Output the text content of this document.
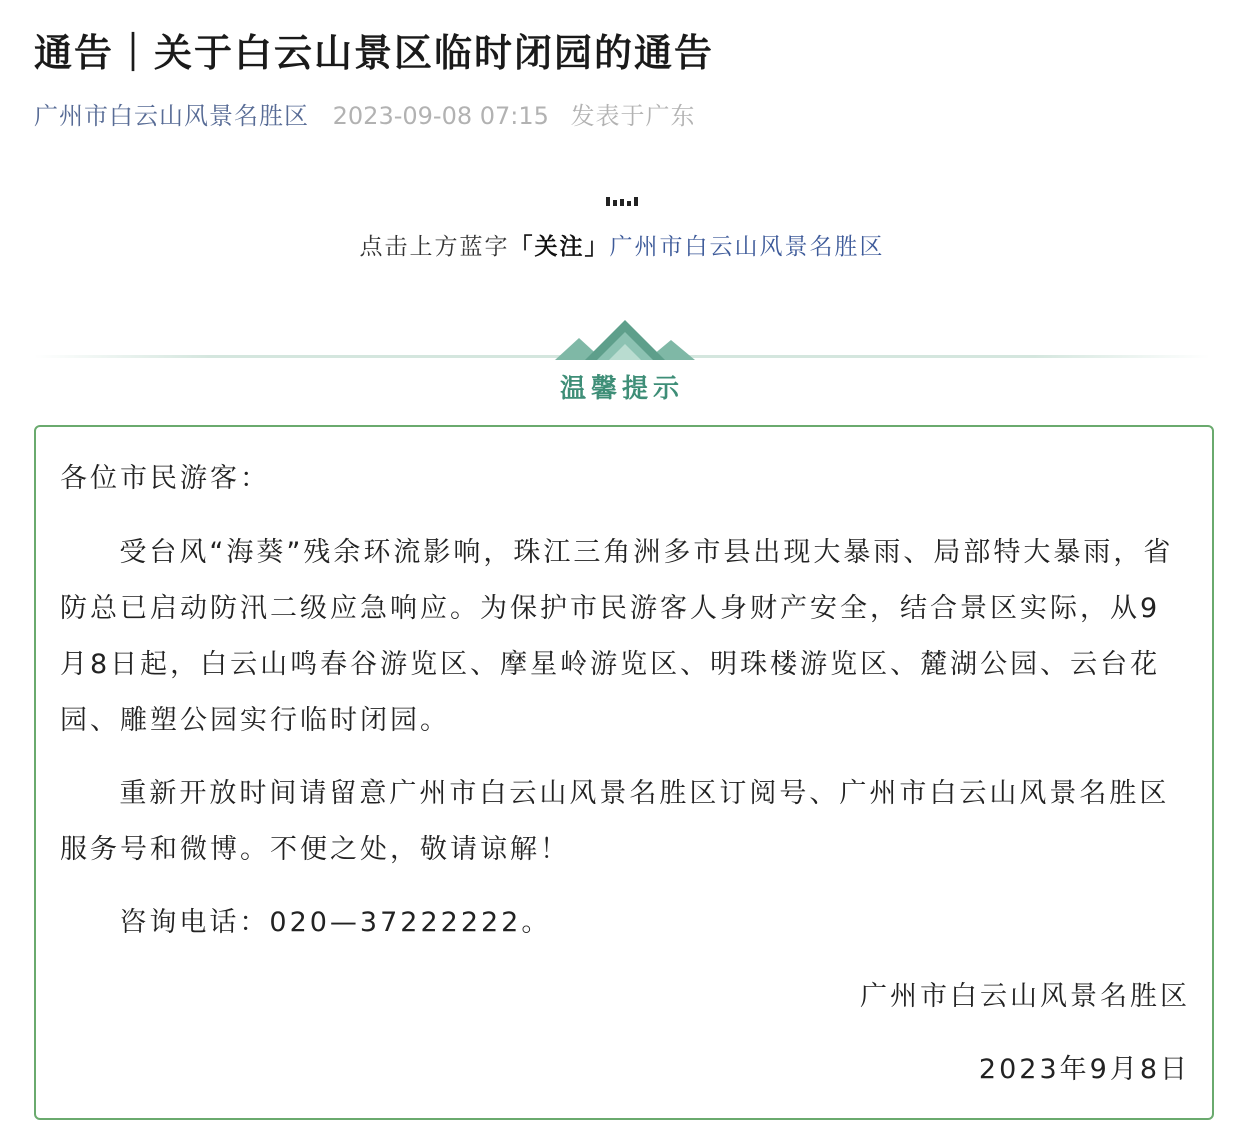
通告｜关于白云山景区临时闭园的通告
广州市白云山风景名胜区 2023-09-08 07:15 发表于广东
点击上方蓝字「关注」广州市白云山风景名胜区
温馨提示
各位市民游客：
受台风“海葵”残余环流影响，珠江三角洲多市县出现大暴雨、局部特大暴雨，省防总已启动防汛二级应急响应。为保护市民游客人身财产安全，结合景区实际，从9月8日起，白云山鸣春谷游览区、摩星岭游览区、明珠楼游览区、麓湖公园、云台花园、雕塑公园实行临时闭园。
重新开放时间请留意广州市白云山风景名胜区订阅号、广州市白云山风景名胜区服务号和微博。不便之处，敬请谅解！
咨询电话：020—37222222。
广州市白云山风景名胜区
2023年9月8日
